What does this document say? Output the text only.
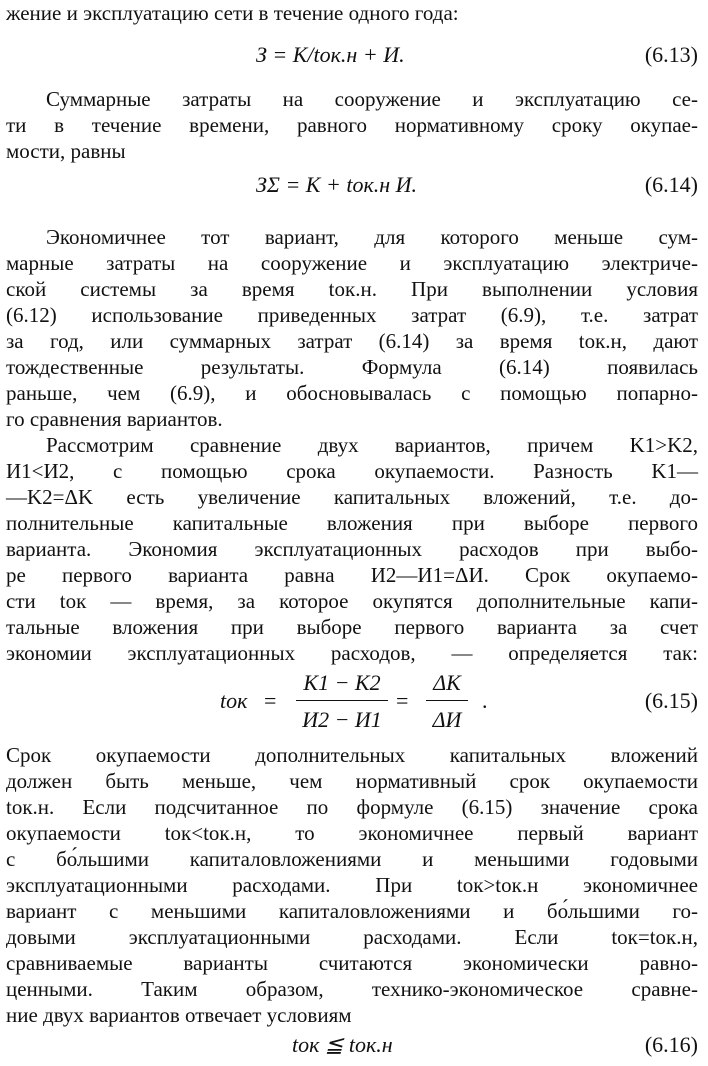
жение и эксплуатацию сети в течение одного года:
З = K/tок.н + И.	(6.13)
Суммарные затраты на сооружение и эксплуатацию се-
ти в течение времени, равного нормативному сроку окупае-
мости, равны
ЗΣ = K + tок.н И.	(6.14)
Экономичнее тот вариант, для которого меньше сум-
марные затраты на сооружение и эксплуатацию электриче-
ской системы за время tок.н. При выполнении условия
(6.12) использование приведенных затрат (6.9), т.е. затрат
за год, или суммарных затрат (6.14) за время tок.н, дают
тождественные результаты. Формула (6.14) появилась
раньше, чем (6.9), и обосновывалась с помощью попарно-
го сравнения вариантов.
Рассмотрим сравнение двух вариантов, причем K1>K2,
И1<И2, с помощью срока окупаемости. Разность K1—
—K2=ΔK есть увеличение капитальных вложений, т.е. до-
полнительные капитальные вложения при выборе первого
варианта. Экономия эксплуатационных расходов при выбо-
ре первого варианта равна И2—И1=ΔИ. Срок окупаемо-
сти tок — время, за которое окупятся дополнительные капи-
тальные вложения при выборе первого варианта за счет
экономии эксплуатационных расходов, — определяется так:
tок =
K1 − K2
И2 − И1
=
ΔK
ΔИ
.	(6.15)
Срок окупаемости дополнительных капитальных вложений
должен быть меньше, чем нормативный срок окупаемости
tок.н. Если подсчитанное по формуле (6.15) значение срока
окупаемости tок<tок.н, то экономичнее первый вариант
с бо́льшими капиталовложениями и меньшими годовыми
эксплуатационными расходами. При tок>tок.н экономичнее
вариант с меньшими капиталовложениями и бо́льшими го-
довыми эксплуатационными расходами. Если tок=tок.н,
сравниваемые варианты считаются экономически равно-
ценными. Таким образом, технико-экономическое сравне-
ние двух вариантов отвечает условиям
tок ≦ tок.н	(6.16)
